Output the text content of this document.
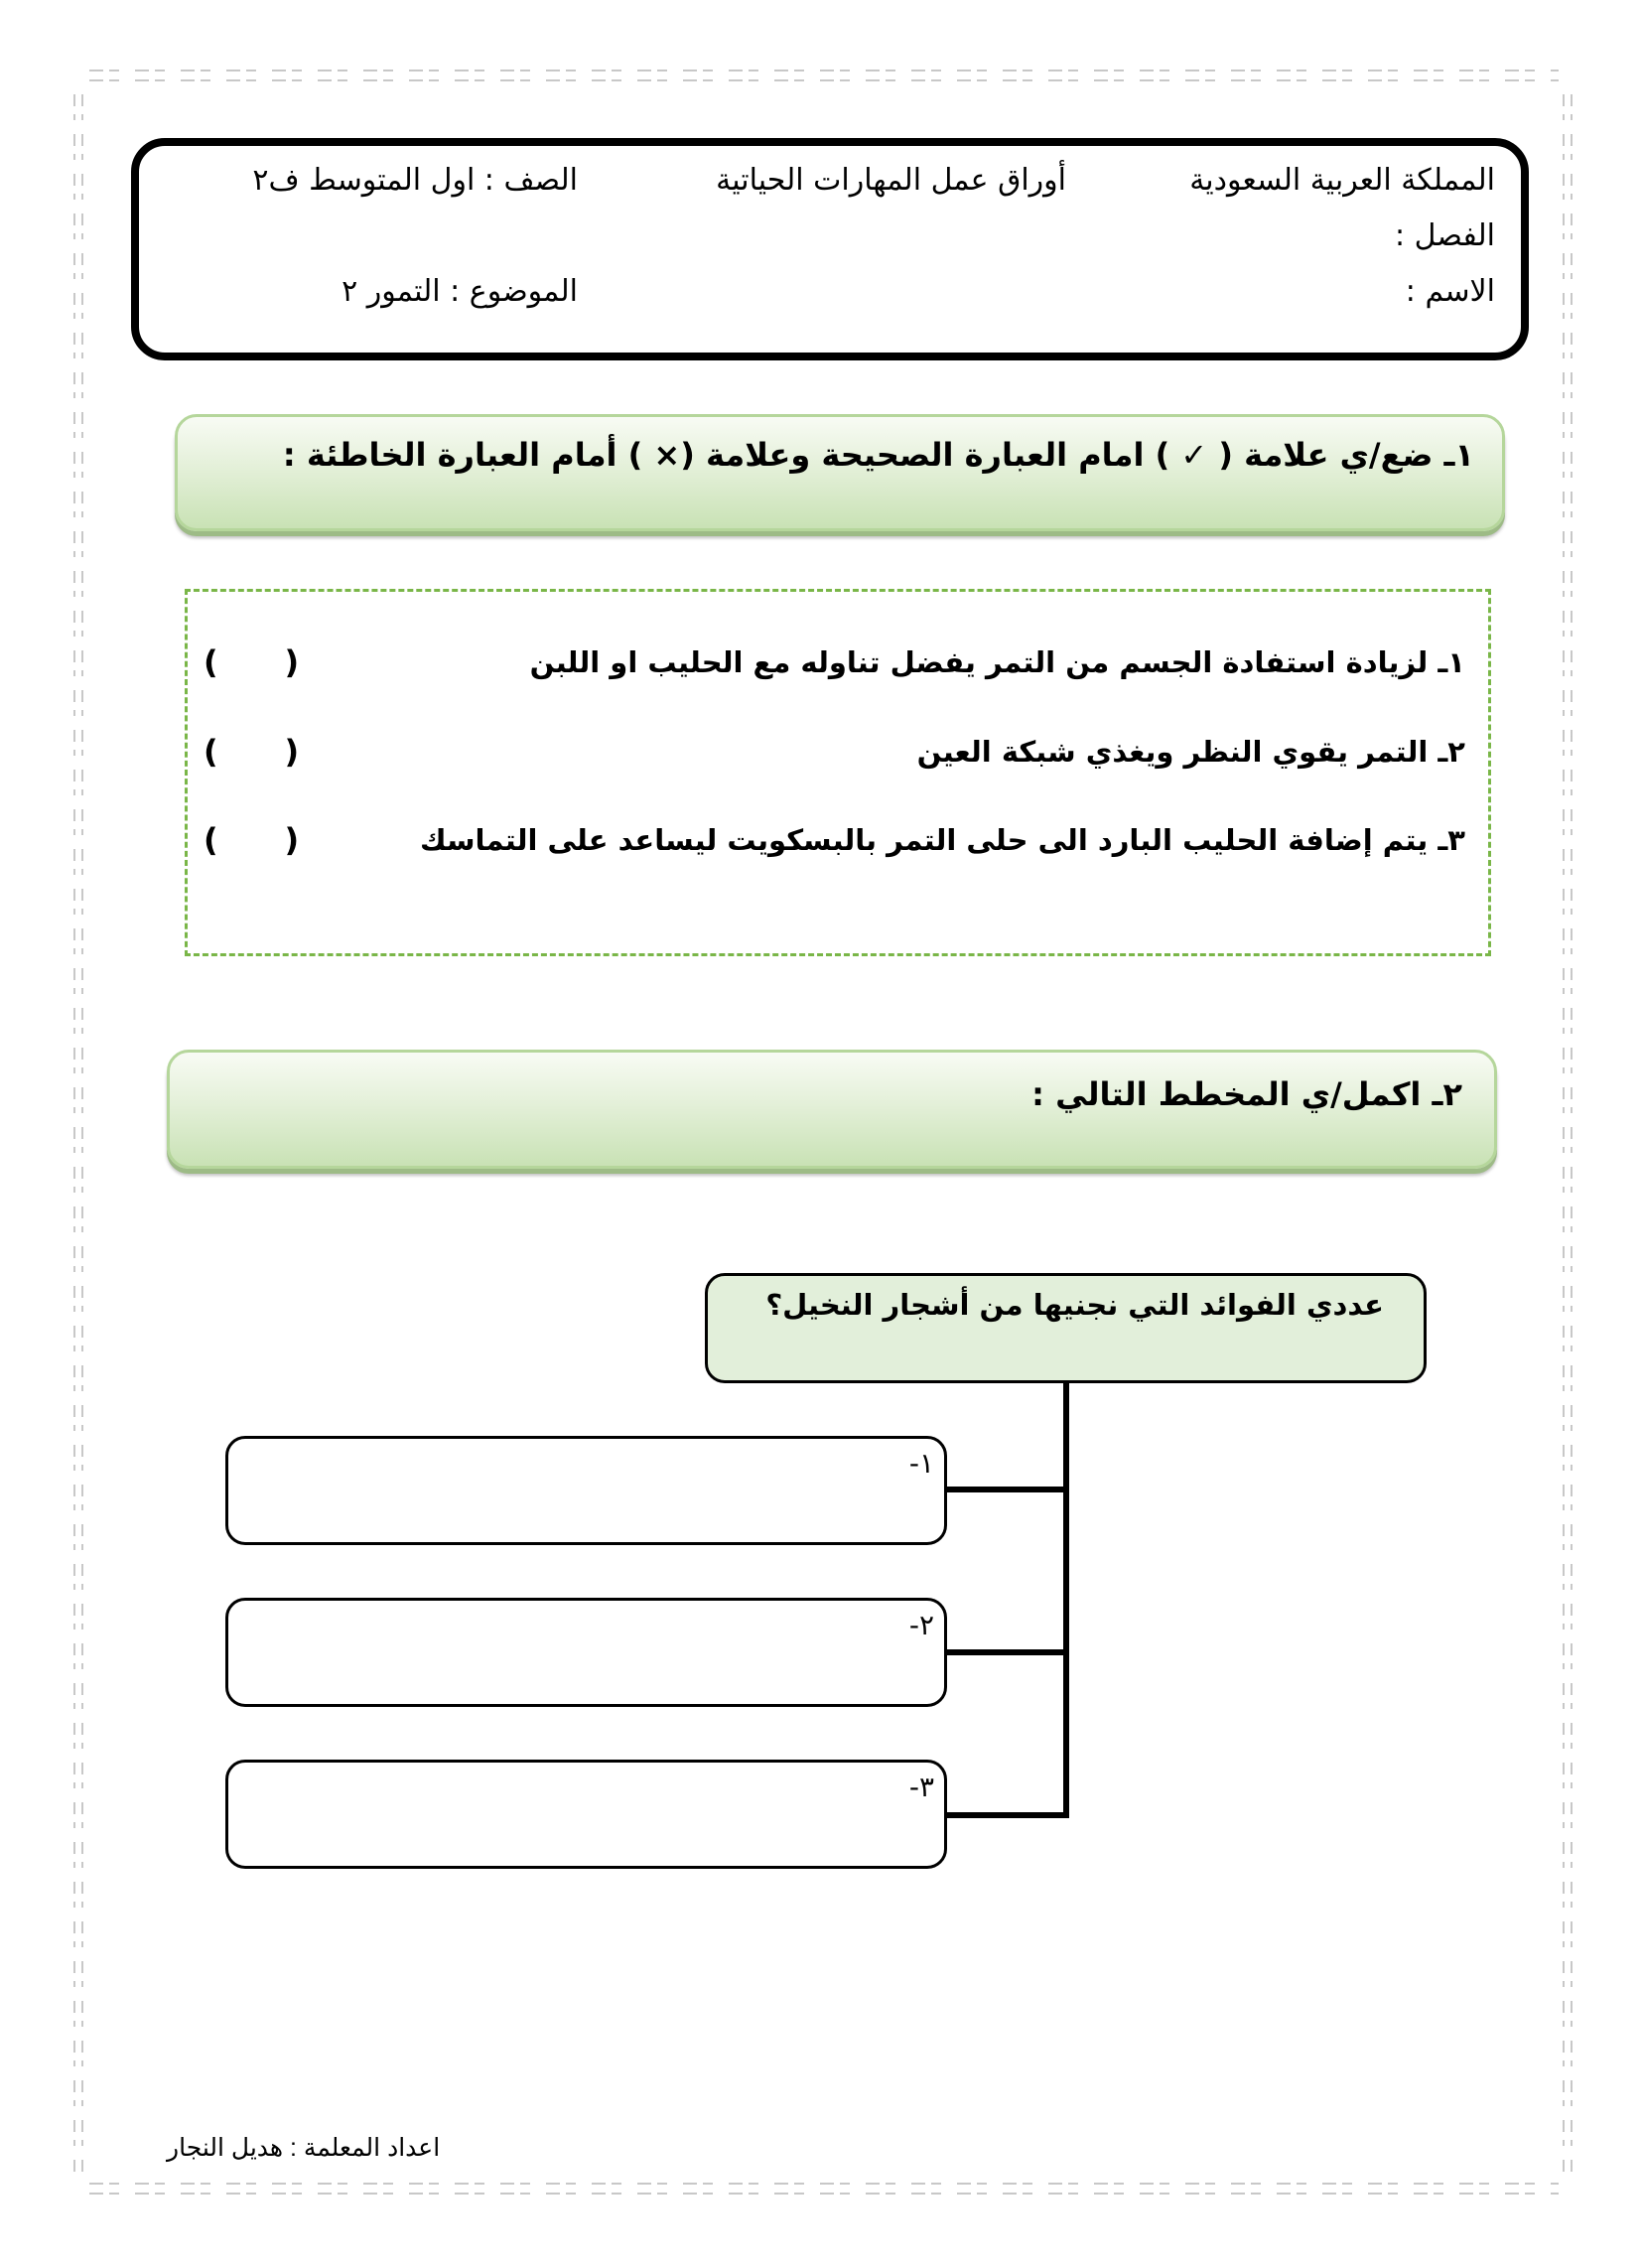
المملكة العربية السعودية
أوراق عمل المهارات الحياتية
الصف : اول المتوسط ف٢
الفصل :
الاسم :
الموضوع : التمور ٢
١ـ ضع/ي علامة ( ✓ ) امام العبارة الصحيحة وعلامة (× ) أمام العبارة الخاطئة :
١ـ لزيادة استفادة الجسم من التمر يفضل تناوله مع الحليب او اللبن
(      )
٢ـ التمر يقوي النظر ويغذي شبكة العين
(      )
٣ـ يتم إضافة الحليب البارد الى حلى التمر بالبسكويت ليساعد على التماسك
(      )
٢ـ اكمل/ي المخطط التالي :
عددي الفوائد التي نجنيها من أشجار النخيل؟
١-
٢-
٣-
اعداد المعلمة : هديل النجار
